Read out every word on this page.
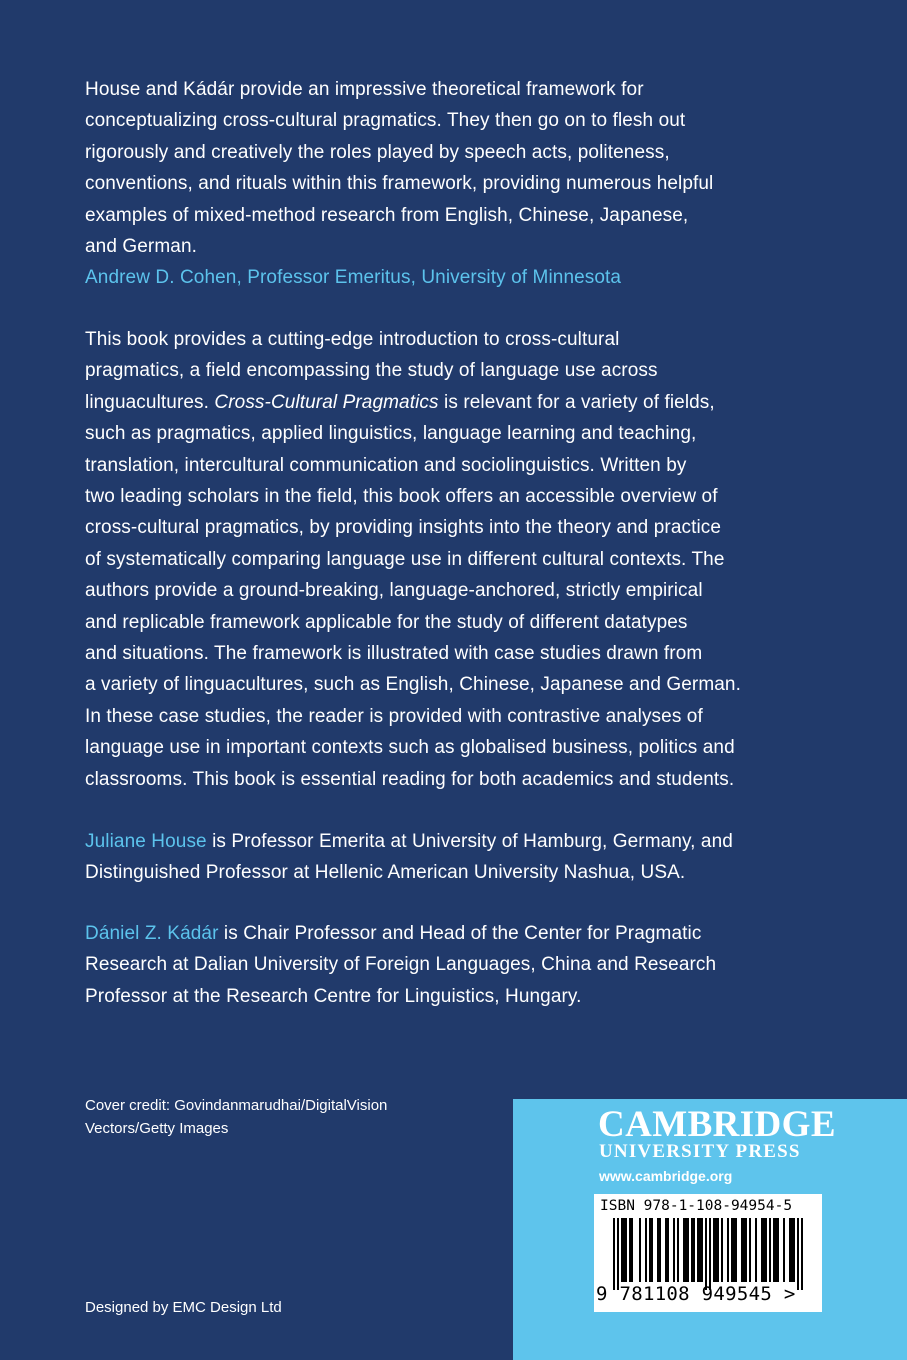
House and Kádár provide an impressive theoretical framework for

conceptualizing cross-cultural pragmatics. They then go on to flesh out

rigorously and creatively the roles played by speech acts, politeness,

conventions, and rituals within this framework, providing numerous helpful

examples of mixed-method research from English, Chinese, Japanese,

and German.

Andrew D. Cohen, Professor Emeritus, University of Minnesota

This book provides a cutting-edge introduction to cross-cultural

pragmatics, a field encompassing the study of language use across

linguacultures. Cross-Cultural Pragmatics is relevant for a variety of fields,

such as pragmatics, applied linguistics, language learning and teaching,

translation, intercultural communication and sociolinguistics. Written by

two leading scholars in the field, this book offers an accessible overview of

cross-cultural pragmatics, by providing insights into the theory and practice

of systematically comparing language use in different cultural contexts. The

authors provide a ground-breaking, language-anchored, strictly empirical

and replicable framework applicable for the study of different datatypes

and situations. The framework is illustrated with case studies drawn from

a variety of linguacultures, such as English, Chinese, Japanese and German.

In these case studies, the reader is provided with contrastive analyses of

language use in important contexts such as globalised business, politics and

classrooms. This book is essential reading for both academics and students.

Juliane House is Professor Emerita at University of Hamburg, Germany, and

Distinguished Professor at Hellenic American University Nashua, USA.

Dániel Z. Kádár is Chair Professor and Head of the Center for Pragmatic

Research at Dalian University of Foreign Languages, China and Research

Professor at the Research Centre for Linguistics, Hungary.

Cover credit: Govindanmarudhai/DigitalVision

Vectors/Getty Images

Designed by EMC Design Ltd

CAMBRIDGE
UNIVERSITY PRESS
www.cambridge.org
ISBN 978-1-108-94954-5
9 781108 949545 >
